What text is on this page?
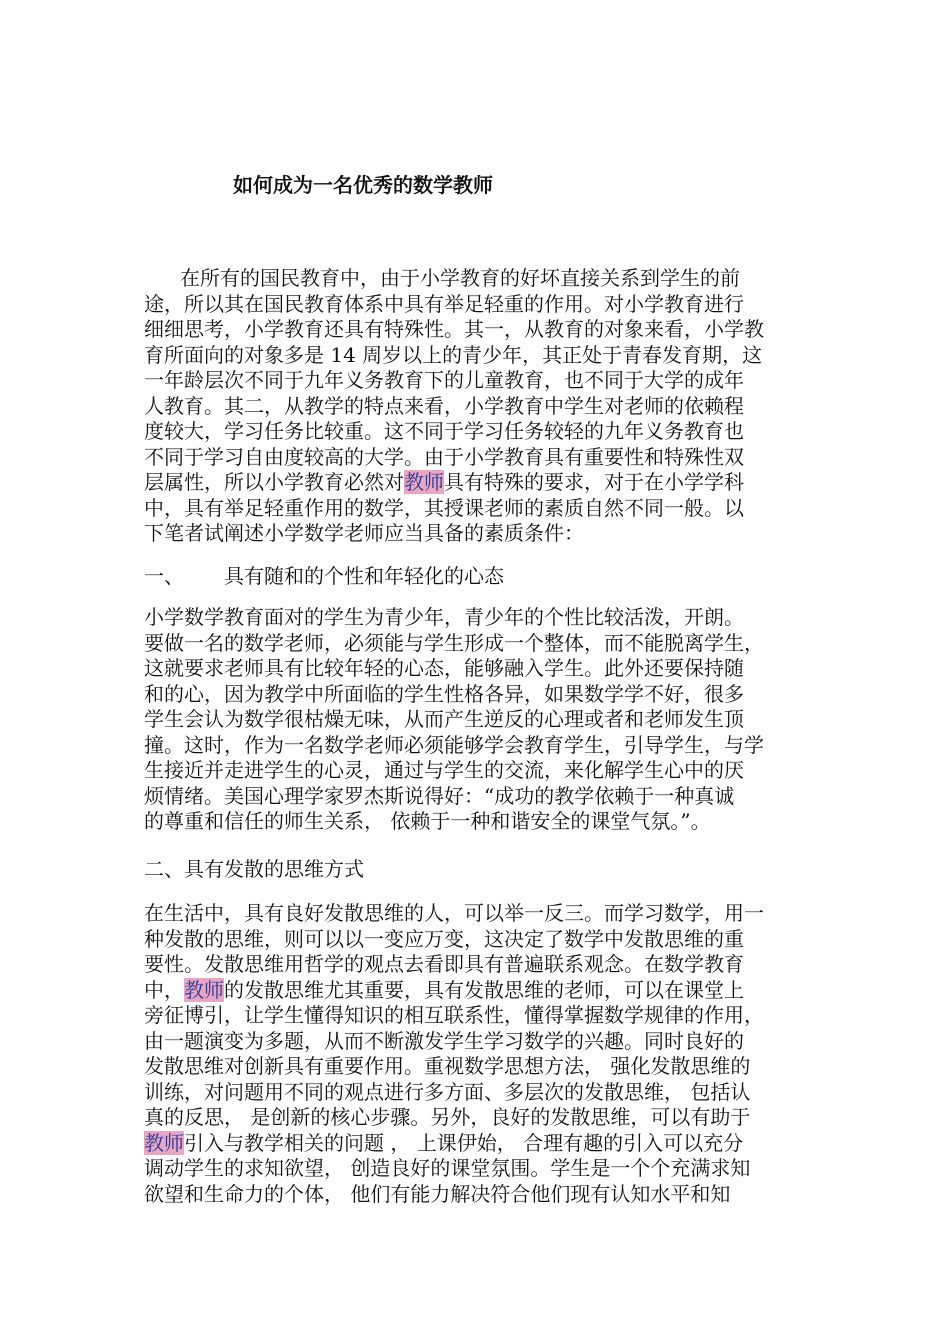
如何成为一名优秀的数学教师
在所有的国民教育中，由于小学教育的好坏直接关系到学生的前
途，所以其在国民教育体系中具有举足轻重的作用。对小学教育进行
细细思考，小学教育还具有特殊性。其一，从教育的对象来看，小学教
育所面向的对象多是 14 周岁以上的青少年，其正处于青春发育期，这
一年龄层次不同于九年义务教育下的儿童教育，也不同于大学的成年
人教育。其二，从教学的特点来看，小学教育中学生对老师的依赖程
度较大，学习任务比较重。这不同于学习任务较轻的九年义务教育也
不同于学习自由度较高的大学。由于小学教育具有重要性和特殊性双
层属性，所以小学教育必然对教师具有特殊的要求，对于在小学学科
中，具有举足轻重作用的数学，其授课老师的素质自然不同一般。以
下笔者试阐述小学数学老师应当具备的素质条件：
一、 具有随和的个性和年轻化的心态
小学数学教育面对的学生为青少年，青少年的个性比较活泼，开朗。
要做一名的数学老师，必须能与学生形成一个整体，而不能脱离学生，
这就要求老师具有比较年轻的心态，能够融入学生。此外还要保持随
和的心，因为教学中所面临的学生性格各异，如果数学学不好，很多
学生会认为数学很枯燥无味，从而产生逆反的心理或者和老师发生顶
撞。这时，作为一名数学老师必须能够学会教育学生，引导学生，与学
生接近并走进学生的心灵，通过与学生的交流，来化解学生心中的厌
烦情绪。美国心理学家罗杰斯说得好：“成功的教学依赖于一种真诚
的尊重和信任的师生关系， 依赖于一种和谐安全的课堂气氛。”。
二、具有发散的思维方式
在生活中，具有良好发散思维的人，可以举一反三。而学习数学，用一
种发散的思维，则可以以一变应万变，这决定了数学中发散思维的重
要性。发散思维用哲学的观点去看即具有普遍联系观念。在数学教育
中，教师的发散思维尤其重要，具有发散思维的老师，可以在课堂上
旁征博引，让学生懂得知识的相互联系性，懂得掌握数学规律的作用，
由一题演变为多题，从而不断激发学生学习数学的兴趣。同时良好的
发散思维对创新具有重要作用。重视数学思想方法， 强化发散思维的
训练，对问题用不同的观点进行多方面、多层次的发散思维， 包括认
真的反思， 是创新的核心步骤。另外，良好的发散思维，可以有助于
教师引入与教学相关的问题 ， 上课伊始， 合理有趣的引入可以充分
调动学生的求知欲望， 创造良好的课堂氛围。学生是一个个充满求知
欲望和生命力的个体， 他们有能力解决符合他们现有认知水平和知
